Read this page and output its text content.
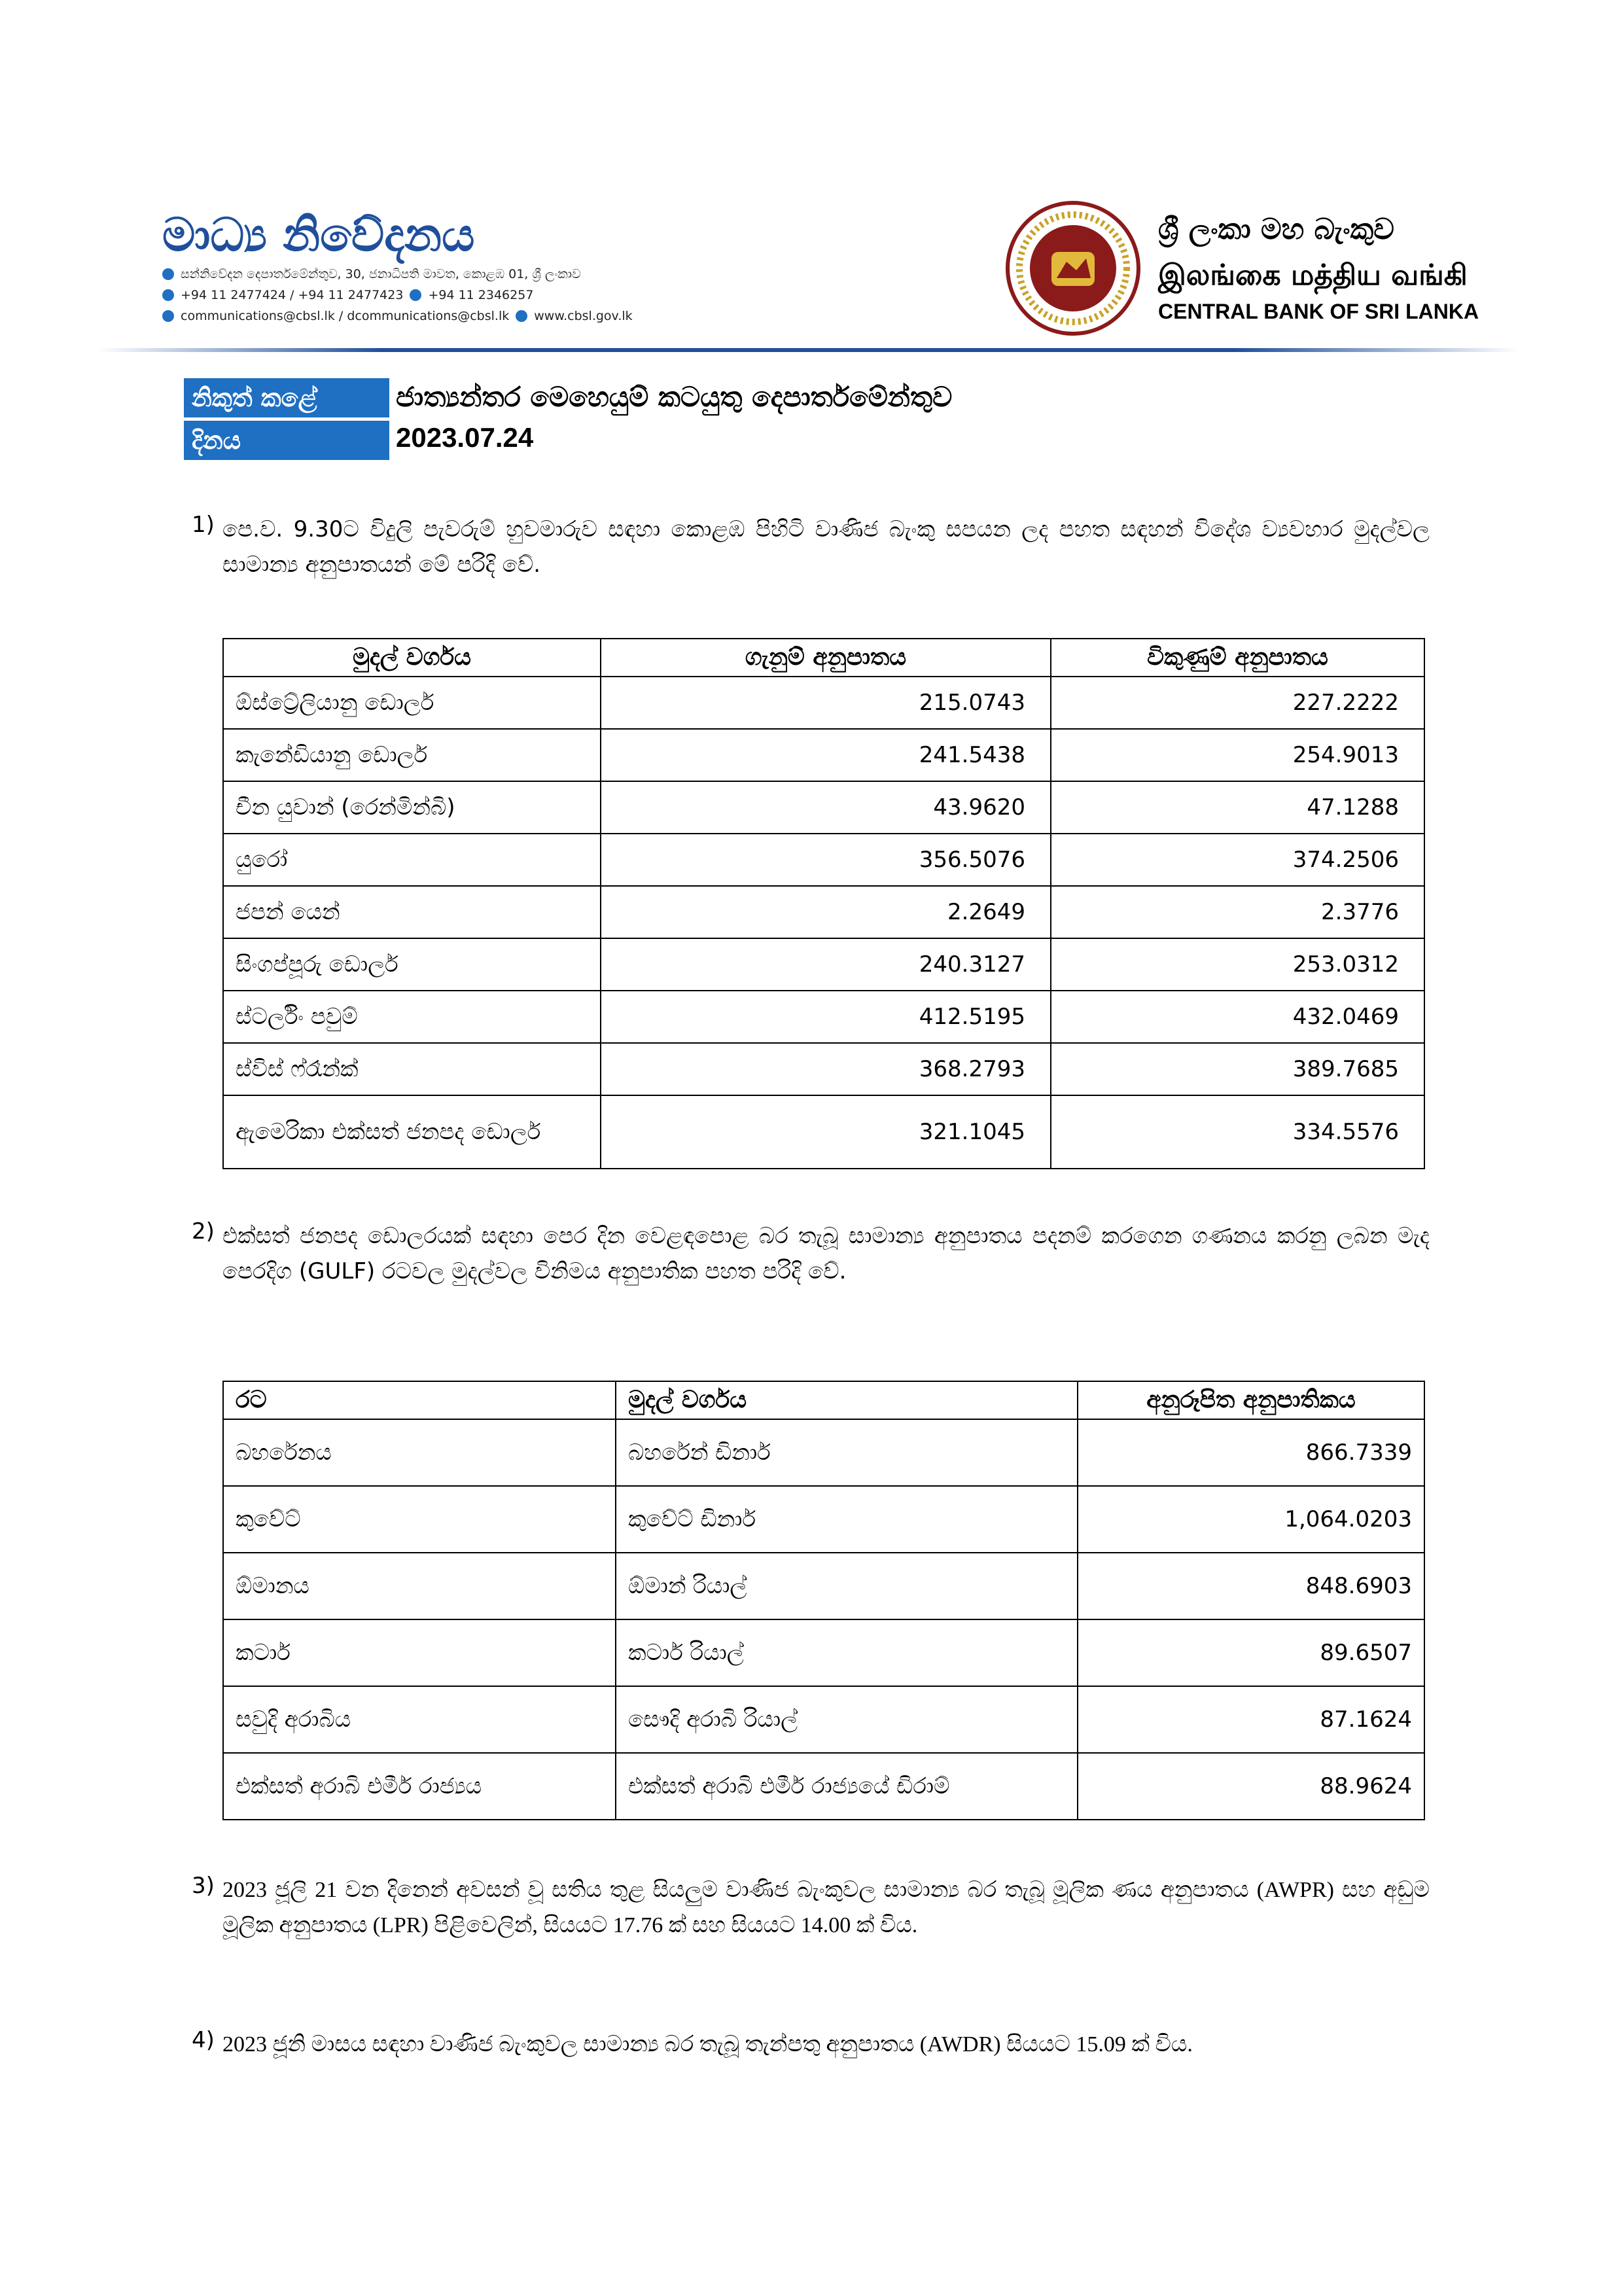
මාධ්‍ය නිවේදනය
සන්නිවේදන දෙපාර්තමේන්තුව, 30, ජනාධිපති මාවත, කොළඹ 01, ශ්‍රී ලංකාව
+94 11 2477424 / +94 11 2477423 +94 11 2346257
communications@cbsl.lk / dcommunications@cbsl.lk www.cbsl.gov.lk
ශ්‍රී ලංකා මහ බැංකුව
இலங்கை மத்திய வங்கி
CENTRAL BANK OF SRI LANKA
නිකුත් කළේ	ජාත්‍යන්තර මෙහෙයුම් කටයුතු දෙපාර්තමේන්තුව
දිනය	2023.07.24
1) පෙ.ව. 9.30ට විදුලි පැවරුම් හුවමාරුව සඳහා කොළඹ පිහිටි වාණිජ බැංකු සපයන ලද පහත සඳහන් විදේශ ව්‍යවහාර මුදල්වල සාමාන්‍ය අනුපාතයන් මේ පරිදි වේ.
මුදල් වර්ගය	ගැනුම් අනුපාතය	විකුණුම් අනුපාතය
ඕස්ට්‍රේලියානු ඩොලර්	215.0743	227.2222
කැනේඩියානු ඩොලර්	241.5438	254.9013
චීන යුවාන් (රෙන්මින්බි)	43.9620	47.1288
යුරෝ	356.5076	374.2506
ජපන් යෙන්	2.2649	2.3776
සිංගප්පූරු ඩොලර්	240.3127	253.0312
ස්ටර්ලිං පවුම්	412.5195	432.0469
ස්විස් ෆ්රෑන්ක්	368.2793	389.7685
ඇමෙරිකා එක්සත් ජනපද ඩොලර්	321.1045	334.5576
2) එක්සත් ජනපද ඩොලරයක් සඳහා පෙර දින වෙළඳපොළ බර තැබූ සාමාන්‍ය අනුපාතය පදනම් කරගෙන ගණනය කරනු ලබන මැද පෙරදිග (GULF) රටවල මුදල්වල විනිමය අනුපාතික පහත පරිදි වේ.
රට	මුදල් වර්ගය	අනුරූපිත අනුපාතිකය
බහරේනය	බහරේන් ඩිනාර්	866.7339
කුවේට්	කුවේට් ඩිනාර්	1,064.0203
ඕමානය	ඕමාන් රියාල්	848.6903
කටාර්	කටාර් රියාල්	89.6507
සවුදි අරාබිය	සෞදි අරාබි රියාල්	87.1624
එක්සත් අරාබි එමීර් රාජ්‍යය	එක්සත් අරාබි එමීර් රාජ්‍යයේ ඩිරාම්	88.9624
3) 2023 ජූලි 21 වන දිනෙන් අවසන් වූ සතිය තුළ සියලුම වාණිජ බැංකුවල සාමාන්‍ය බර තැබූ මූලික ණය අනුපාතය (AWPR) සහ අඩුම මූලික අනුපාතය (LPR) පිළිවෙලින්, සියයට 17.76 ක් සහ සියයට 14.00 ක් විය.
4) 2023 ජූනි මාසය සඳහා වාණිජ බැංකුවල සාමාන්‍ය බර තැබූ තැන්පතු අනුපාතය (AWDR) සියයට 15.09 ක් විය.
